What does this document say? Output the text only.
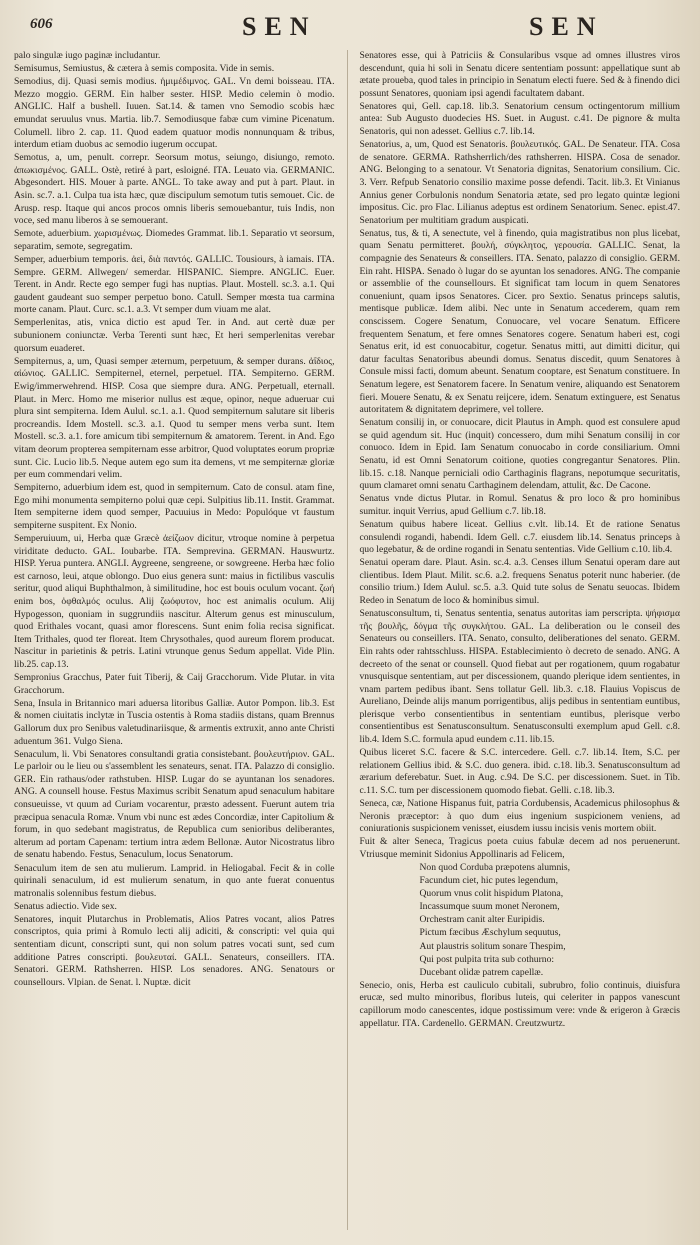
606	SEN	SEN

palo singulæ iugo paginæ includantur.

Semisumus, Semiustus, & cætera à semis composita. Vide in semis.

Semodius, dij. Quasi semis modius. ἡμιμέδιμνος. GAL. Vn demi boisseau. ITA. Mezzo moggio. GERM. Ein halber sester. HISP. Medio celemin ò modio. ANGLIC. Half a bushell. Iuuen. Sat.14. & tamen vno Semodio scobis hæc emundat seruulus vnus. Martia. lib.7. Semodiusque fabæ cum vimine Picenatum. Columell. libro 2. cap. 11. Quod eadem quatuor modis nonnunquam & tribus, interdum etiam duobus ac semodio iugerum occupat.

Semotus, a, um, penult. correpr. Seorsum motus, seiungo, disiungo, remoto. ἀπωκισμένος. GALL. Ostè, retiré à part, esloigné. ITA. Leuato via. GERMANIC. Abgesondert. HIS. Mouer à parte. ANGL. To take away and put à part. Plaut. in Asin. sc.7. a.1. Culpa tua ista hæc, quæ discipulum semotum tutis semouet. Cic. de Arusp. resp. Itaque qui ancos procos omnis liberis semouebantur, tuis Indis, non voce, sed manu liberos à se semouerant.

Semote, aduerbium. χωρισμένως. Diomedes Grammat. lib.1. Separatio vt seorsum, separatim, semote, segregatim.

Semper, aduerbium temporis. ἀεὶ, διὰ παντός. GALLIC. Tousiours, à iamais. ITA. Sempre. GERM. Allwegen/ semerdar. HISPANIC. Siempre. ANGLIC. Euer. Terent. in Andr. Recte ego semper fugi has nuptias. Plaut. Mostell. sc.3. a.1. Qui gaudent gaudeant suo semper perpetuo bono. Catull. Semper mœsta tua carmina morte canam. Plaut. Curc. sc.1. a.3. Vt semper dum viuam me alat.

Semperlenitas, atis, vnica dictio est apud Ter. in And. aut certè duæ per subunionem coniunctæ. Verba Terenti sunt hæc, Et heri semperlenitas verebar quorsum euaderet.

Sempiternus, a, um, Quasi semper æternum, perpetuum, & semper durans. ἀΐδιος, αἰώνιος. GALLIC. Sempiternel, eternel, perpetuel. ITA. Sempiterno. GERM. Ewig/immerwehrend. HISP. Cosa que siempre dura. ANG. Perpetuall, eternall. Plaut. in Merc. Homo me miserior nullus est æque, opinor, neque adueruar cui plura sint sempiterna. Idem Aulul. sc.1. a.1. Quod sempiternum salutare sit liberis procreandis. Idem Mostell. sc.3. a.1. Quod tu semper mens verba sunt. Item Mostell. sc.3. a.1. fore amicum tibi sempiternum & amatorem. Terent. in And. Ego vitam deorum propterea sempiternam esse arbitror, Quod voluptates eorum propriæ sunt. Cic. Lucio lib.5. Neque autem ego sum ita demens, vt me sempiternæ gloriæ per eum commendari velim.

Sempiterno, aduerbium idem est, quod in sempiternum. Cato de consul. atam fine, Ego mihi monumenta sempiterno polui quæ cepi. Sulpitius lib.11. Instit. Grammat. Item sempiterne idem quod semper, Pacuuius in Medo: Populóque vt faustum sempiterne suspitent. Ex Nonio.

Semperuiuum, ui, Herba quæ Græcè ἀείζωον dicitur, vtroque nomine à perpetua viriditate deducto. GAL. Ioubarbe. ITA. Semprevina. GERMAN. Hauswurtz. HISP. Yerua puntera. ANGLI. Aygreene, sengreene, or sowgreene. Herba hæc folio est carnoso, leui, atque oblongo. Duo eius genera sunt: maius in fictilibus vasculis seritur, quod aliqui Buphthalmon, à similitudine, hoc est bouis oculum vocant. ζωή enim bos, ὀφθαλμός oculus. Alij ζωόφυτον, hoc est animalis oculum. Alij Hypogesson, quoniam in suggrundiis nascitur. Alterum genus est minusculum, quod Erithales vocant, quasi amor florescens. Sunt enim folia recisa significat. Item Trithales, quod ter floreat. Item Chrysothales, quod aureum florem producat. Nascitur in parietinis & petris. Latini vtrunque genus Sedum appellat. Vide Plin. lib.25. cap.13.

Sempronius Gracchus, Pater fuit Tiberij, & Caij Gracchorum. Vide Plutar. in vita Gracchorum.

Sena, Insula in Britannico mari aduersa litoribus Galliæ. Autor Pompon. lib.3. Est & nomen ciuitatis inclytæ in Tuscia ostentis à Roma stadiis distans, quam Brennus Gallorum dux pro Senibus valetudinariisque, & armentis extruxit, anno ante Christi aduentum 361. Vulgo Siena.

Senaculum, li. Vbi Senatores consultandi gratia consistebant. βουλευτήριον. GAL. Le parloir ou le lieu ou s'assemblent les senateurs, senat. ITA. Palazzo di consiglio. GER. Ein rathaus/oder rathstuben. HISP. Lugar do se ayuntanan los senadores. ANG. A counsell house. Festus Maximus scribit Senatum apud senaculum habitare consueuisse, vt quum ad Curiam vocarentur, præsto adessent. Fuerunt autem tria præcipua senacula Romæ. Vnum vbi nunc est ædes Concordiæ, inter Capitolium & forum, in quo sedebant magistratus, de Republica cum senioribus deliberantes, alterum ad portam Capenam: tertium intra ædem Bellonæ. Autor Nicostratus libro de senatu habendo. Festus, Senaculum, locus Senatorum.

Senaculum item de sen atu mulierum. Lamprid. in Heliogabal. Fecit & in colle quirinali senaculum, id est mulierum senatum, in quo ante fuerat conuentus matronalis solennibus festum diebus.

Senatus adiectio. Vide sex.

Senatores, inquit Plutarchus in Problematis, Alios Patres vocant, alios Patres conscriptos, quia primi à Romulo lecti alij adiciti, & conscripti: vel quia qui sententiam dicunt, conscripti sunt, qui non solum patres vocati sunt, sed cum additione Patres conscripti. βουλευταί. GALL. Senateurs, conseillers. ITA. Senatori. GERM. Rathsherren. HISP. Los senadores. ANG. Senatours or counsellours. Vlpian. de Senat. l. Nuptæ. dicit

Senatores esse, qui à Patriciis & Consularibus vsque ad omnes illustres viros descendunt, quia hi soli in Senatu dicere sententiam possunt: appellatique sunt ab ætate proueba, quod tales in principio in Senatum electi fuere. Sed & à finendo dici possunt Senatores, quoniam ipsi agendi facultatem dabant.

Senatores qui, Gell. cap.18. lib.3. Senatorium censum octingentorum millium antea: Sub Augusto duodecies HS. Suet. in August. c.41. De pignore & multa Senatoris, qui non adesset. Gellius c.7. lib.14.

Senatorius, a, um, Quod est Senatoris. βουλευτικός. GAL. De Senateur. ITA. Cosa de senatore. GERMA. Rathsherrlich/des rathsherren. HISPA. Cosa de senador. ANG. Belonging to a senatour. Vt Senatoria dignitas, Senatorium consilium. Cic. 3. Verr. Refpub Senatorio consilio maxime posse defendi. Tacit. lib.3. Et Vinianus Annius gener Corbulonis nondum Senatoria ætate, sed pro legato quintæ legioni impositus. Cic. pro Flac. Lilianus adeptus est ordinem Senatorium. Senec. epist.47. Senatorium per multitiam gradum auspicati.

Senatus, tus, & ti, A senectute, vel à finendo, quia magistratibus non plus licebat, quam Senatu permitteret. βουλή, σύγκλητος, γερουσία. GALLIC. Senat, la compagnie des Senateurs & conseillers. ITA. Senato, palazzo di consiglio. GERM. Ein raht. HISPA. Senado ò lugar do se ayuntan los senadores. ANG. The companie or assemblie of the counsellours. Et significat tam locum in quem Senatores conueniunt, quam ipsos Senatores. Cicer. pro Sextio. Senatus princeps salutis, mentisque publicæ. Idem alibi. Nec unte in Senatum accederem, quam rem conscissem. Cogere Senatum, Conuocare, vel vocare Senatum. Efficere frequentem Senatum, et fere omnes Senatores cogere. Senatum haberi est, cogi Senatus erit, id est conuocabitur, cogetur. Senatus mitti, aut dimitti dicitur, qui datur facultas Senatoribus abeundi domus. Senatus discedit, quum Senatores à Consule missi facti, domum abeunt. Senatum cooptare, est Senatum constituere. In Senatum legere, est Senatorem facere. In Senatum venire, aliquando est Senatorem fieri. Mouere Senatu, & ex Senatu reijcere, idem. Senatum extinguere, est Senatus autoritatem & dignitatem deprimere, vel tollere.

Senatum consilij in, or conuocare, dicit Plautus in Amph. quod est consulere apud se quid agendum sit. Huc (inquit) concessero, dum mihi Senatum consilij in cor conuoco. Idem in Epid. Iam Senatum conuocabo in corde consiliarium. Omni Senatu, id est Omni Senatorum coitione, quoties congregantur Senatores. Plin. lib.15. c.18. Nanque perniciali odio Carthaginis flagrans, nepotumque securitatis, quum clamaret omni senatu Carthaginem delendam, attulit, &c. De Cacone.

Senatus vnde dictus Plutar. in Romul. Senatus & pro loco & pro hominibus sumitur. inquit Verrius, apud Gellium c.7. lib.18.

Senatum quibus habere liceat. Gellius c.vlt. lib.14. Et de ratione Senatus consulendi rogandi, habendi. Idem Gell. c.7. eiusdem lib.14. Senatus princeps à quo legebatur, & de ordine rogandi in Senatu sententias. Vide Gellium c.10. lib.4.

Senatui operam dare. Plaut. Asin. sc.4. a.3. Censes illum Senatui operam dare aut clientibus. Idem Plaut. Milit. sc.6. a.2. frequens Senatus poterit nunc haberier. (de consilio trium.) Idem Aulul. sc.5. a.3. Quid tute solus de Senatu seuocas. Ibidem Redeo in Senatum de loco & hominibus simul.

Senatusconsultum, ti, Senatus sententia, senatus autoritas iam perscripta. ψήφισμα τῆς βουλῆς, δόγμα τῆς συγκλήτου. GAL. La deliberation ou le conseil des Senateurs ou conseillers. ITA. Senato, consulto, deliberationes del senato. GERM. Ein rahts oder rahtsschluss. HISPA. Establecimiento ò decreto de senado. ANG. A decreeto of the senat or counsell. Quod fiebat aut per rogationem, quum rogabatur vnusquisque sententiam, aut per discessionem, quando plerique idem sentientes, in vnam partem pedibus ibant. Sens tollatur Gell. lib.3. c.18. Flauius Vopiscus de Aureliano, Deinde alijs manum porrigentibus, alijs pedibus in sententiam euntibus, plerisque verbo consentientibus in sententiam euntibus, plerisque verbo consentientibus est Senatusconsultum. Senatusconsulti exemplum apud Gell. c.8. lib.4. Idem S.C. formula apud eundem c.11. lib.15.

Quibus liceret S.C. facere & S.C. intercedere. Gell. c.7. lib.14. Item, S.C. per relationem Gellius ibid. & S.C. duo genera. ibid. c.18. lib.3. Senatusconsultum ad ærarium deferebatur. Suet. in Aug. c.94. De S.C. per discessionem. Suet. in Tib. c.11. S.C. tum per discessionem quomodo fiebat. Gelli. c.18. lib.3.

Seneca, cæ, Natione Hispanus fuit, patria Cordubensis, Academicus philosophus & Neronis præceptor: à quo dum eius ingenium suspicionem veniens, ad coniurationis suspicionem venisset, eiusdem iussu incisis venis mortem obiit.

Fuit & alter Seneca, Tragicus poeta cuius fabulæ decem ad nos peruenerunt. Vtriusque meminit Sidonius Appollinaris ad Felicem,

Non quod Corduba præpotens alumnis,

Facundum ciet, hic putes legendum,

Quorum vnus colit hispidum Platona,

Incassumque suum monet Neronem,

Orchestram canit alter Euripidis.

Pictum fæcibus Æschylum sequutus,

Aut plaustris solitum sonare Thespim,

Qui post pulpita trita sub cothurno:

Ducebant olidæ patrem capellæ.

Senecio, onis, Herba est cauliculo cubitali, subrubro, folio continuis, diuisfura erucæ, sed multo minoribus, floribus luteis, qui celeriter in pappos vanescunt capillorum modo canescentes, idque postissimum vere: vnde & erigeron à Græcis appellatur. ITA. Cardenello. GERMAN. Creutzwurtz.
